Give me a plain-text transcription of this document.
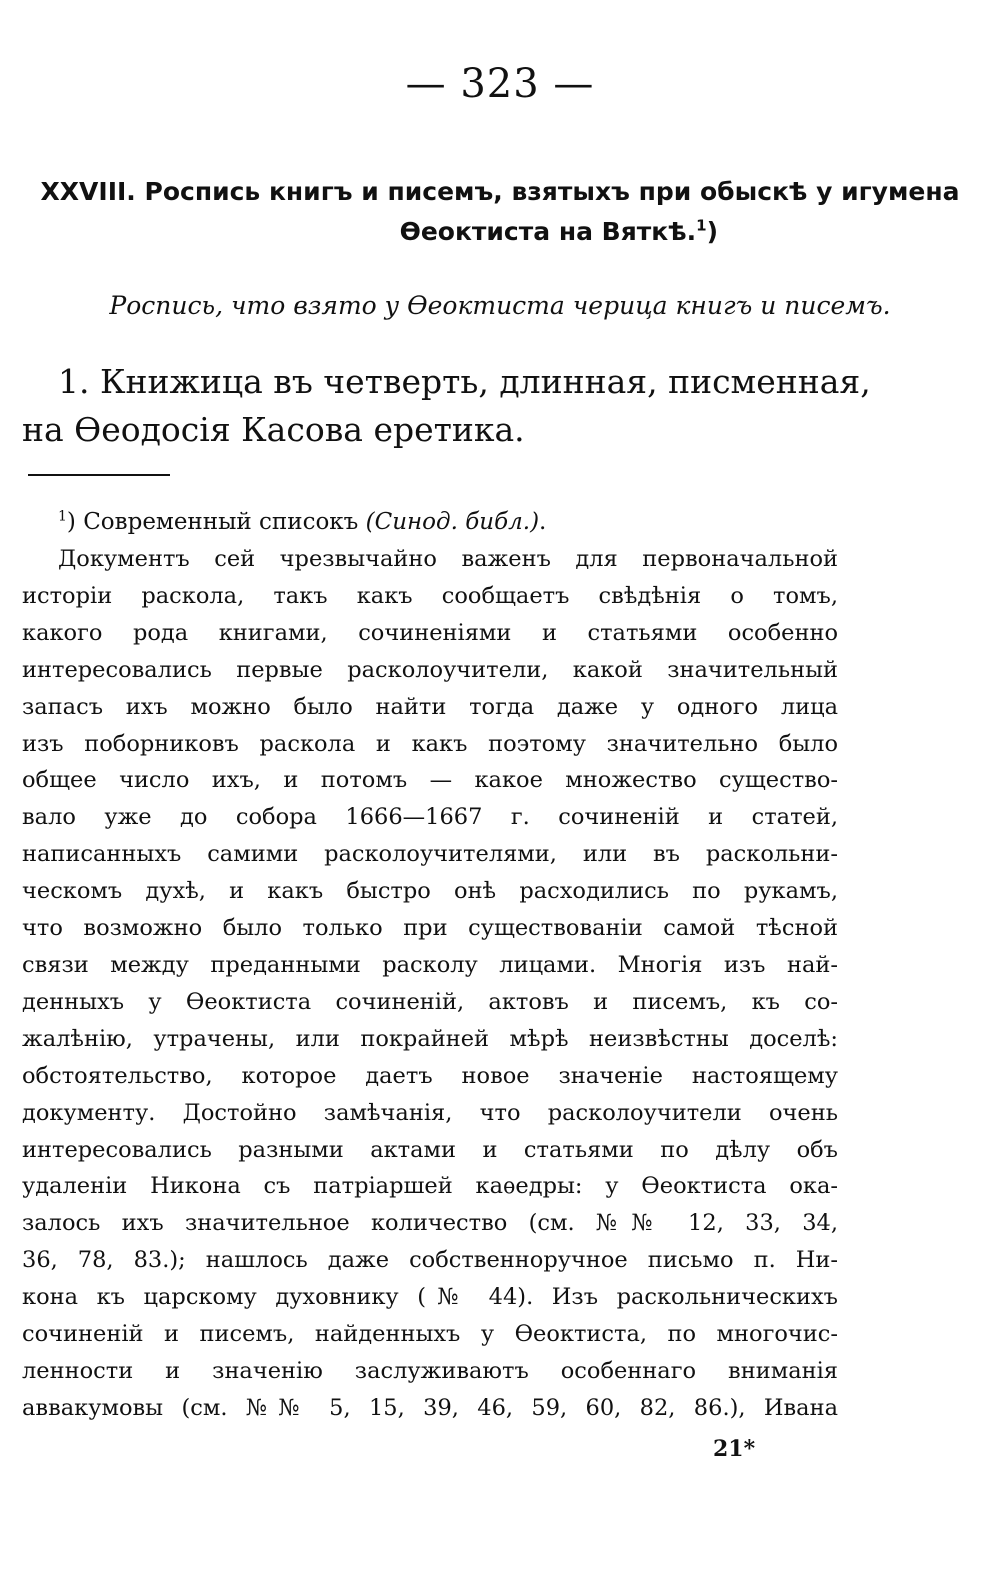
— 323 —
XXVIII. Роспись книгъ и писемъ, взятыхъ при обыскѣ у игумена
Өеоктиста на Вяткѣ.$^1$)
Роспись, что взято у Өеоктиста черица книгъ и писемъ.
1. Книжица въ четверть, длинная, писменная,
на Өеодосія Касова еретика.
$^1$) Современный списокъ (Синод. библ.).
Документъ сей чрезвычайно важенъ для первоначальной
исторіи раскола, такъ какъ сообщаетъ свѣдѣнія о томъ,
какого рода книгами, сочиненіями и статьями особенно
интересовались первые расколоучители, какой значительный
запасъ ихъ можно было найти тогда даже у одного лица
изъ поборниковъ раскола и какъ поэтому значительно было
общее число ихъ, и потомъ — какое множество существо-
вало уже до собора 1666—1667 г. сочиненій и статей,
написанныхъ самими расколоучителями, или въ раскольни-
ческомъ духѣ, и какъ быстро онѣ расходились по рукамъ,
что возможно было только при существованіи самой тѣсной
связи между преданными расколу лицами. Многія изъ най-
денныхъ у Өеоктиста сочиненій, актовъ и писемъ, къ со-
жалѣнію, утрачены, или покрайней мѣрѣ неизвѣстны доселѣ:
обстоятельство, которое даетъ новое значеніе настоящему
документу. Достойно замѣчанія, что расколоучители очень
интересовались разными актами и статьями по дѣлу объ
удаленіи Никона съ патріаршей каѳедры: у Өеоктиста ока-
залось ихъ значительное количество (см. №№ 12, 33, 34,
36, 78, 83.); нашлось даже собственноручное письмо п. Ни-
кона къ царскому духовнику (№ 44). Изъ раскольническихъ
сочиненій и писемъ, найденныхъ у Өеоктиста, по многочис-
ленности и значенію заслуживаютъ особеннаго вниманія
аввакумовы (см. №№ 5, 15, 39, 46, 59, 60, 82, 86.), Ивана
21*
